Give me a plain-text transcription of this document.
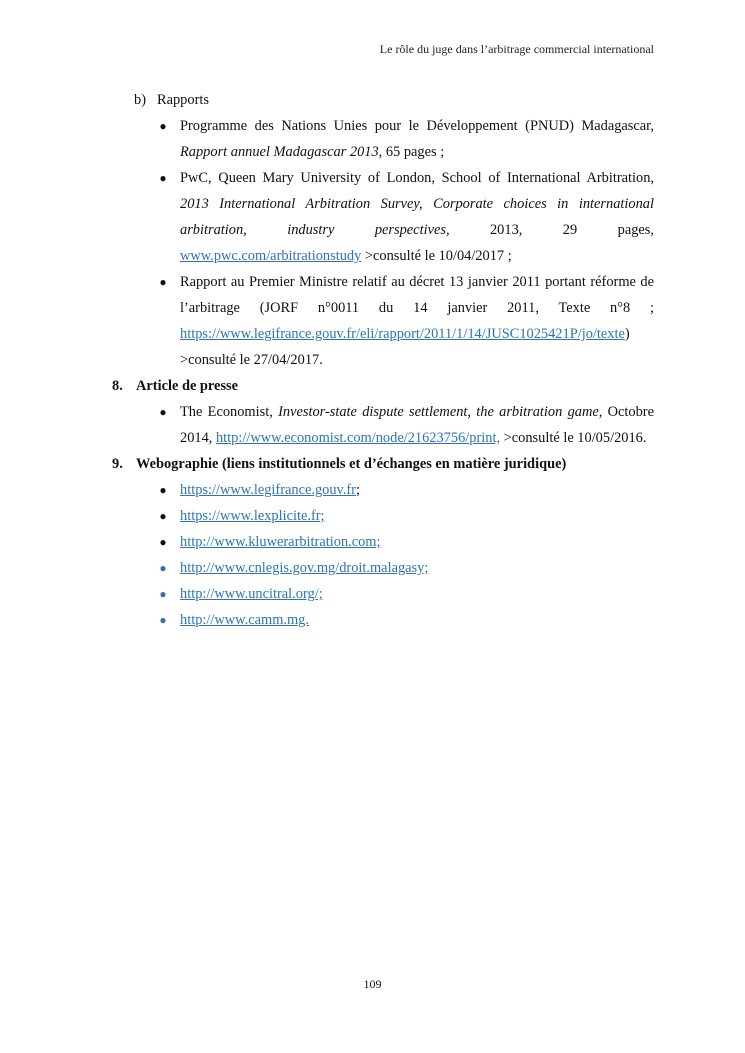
Le rôle du juge dans l’arbitrage commercial international
b) Rapports
● Programme des Nations Unies pour le Développement (PNUD) Madagascar, Rapport annuel Madagascar 2013, 65 pages ;
● PwC, Queen Mary University of London, School of International Arbitration, 2013 International Arbitration Survey, Corporate choices in international arbitration, industry perspectives, 2013, 29 pages, www.pwc.com/arbitrationstudy >consulté le 10/04/2017 ;
● Rapport au Premier Ministre relatif au décret 13 janvier 2011 portant réforme de l’arbitrage (JORF n°0011 du 14 janvier 2011, Texte n°8 ; https://www.legifrance.gouv.fr/eli/rapport/2011/1/14/JUSC1025421P/jo/texte)
>consulté le 27/04/2017.
8. Article de presse
● The Economist, Investor-state dispute settlement, the arbitration game, Octobre 2014, http://www.economist.com/node/21623756/print, >consulté le 10/05/2016.
9. Webographie (liens institutionnels et d’échanges en matière juridique)
● https://www.legifrance.gouv.fr;
● https://www.lexplicite.fr;
● http://www.kluwerarbitration.com;
● http://www.cnlegis.gov.mg/droit.malagasy;
● http://www.uncitral.org/;
● http://www.camm.mg.
109
